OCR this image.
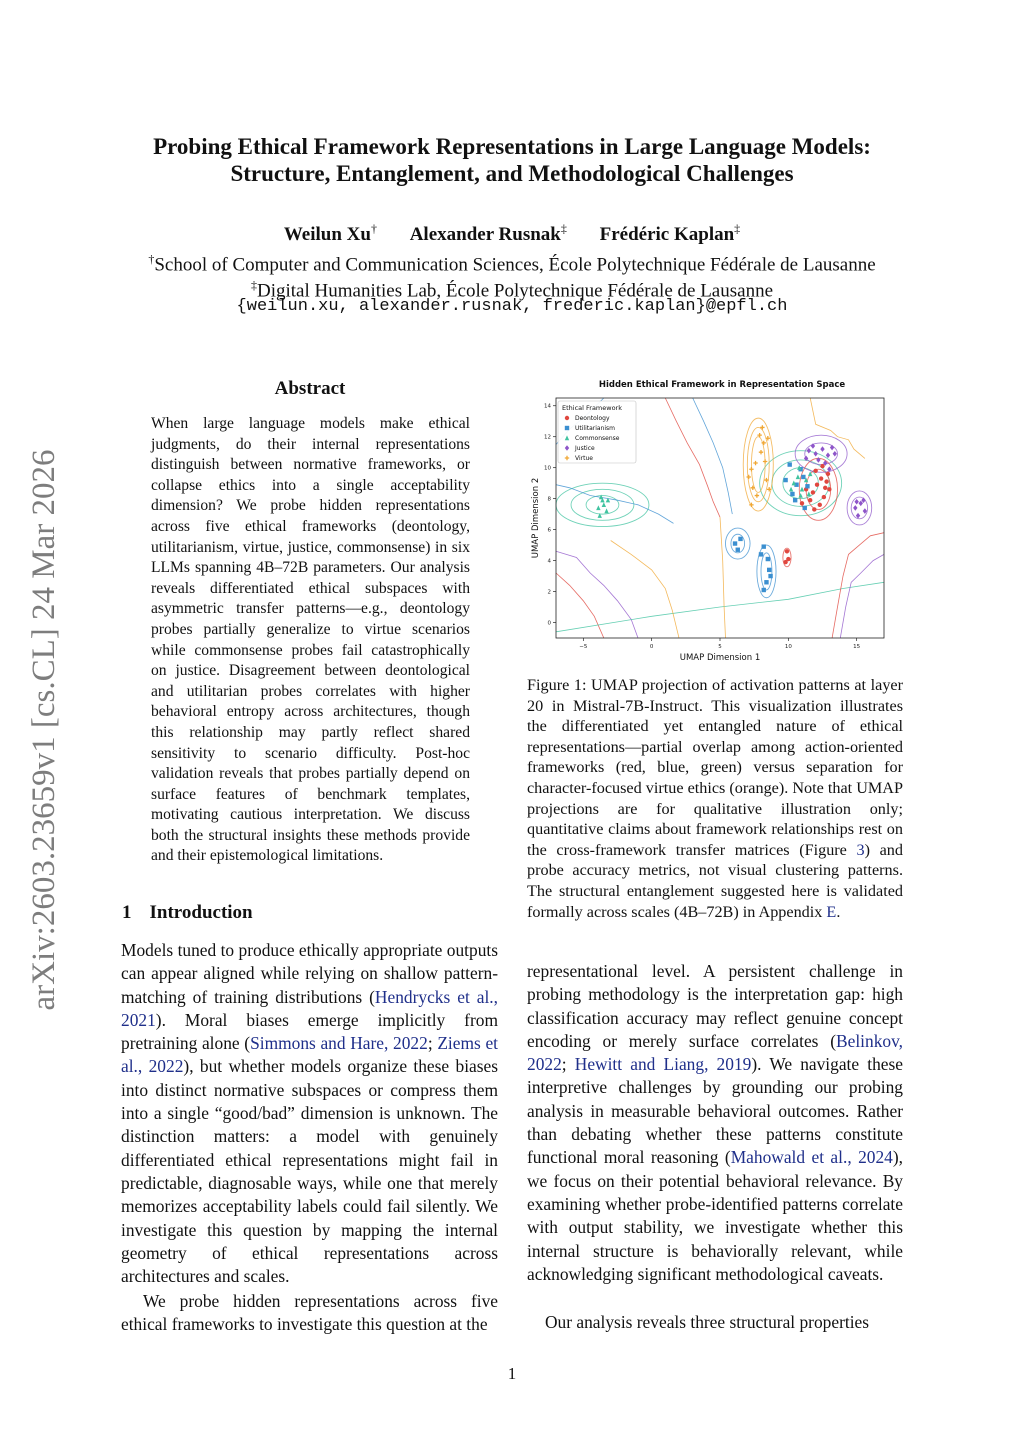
Probing Ethical Framework Representations in Large Language Models:
Structure, Entanglement, and Methodological Challenges
Weilun Xu† Alexander Rusnak‡ Frédéric Kaplan‡
†School of Computer and Communication Sciences, École Polytechnique Fédérale de Lausanne
‡Digital Humanities Lab, École Polytechnique Fédérale de Lausanne
{weilun.xu, alexander.rusnak, frederic.kaplan}@epfl.ch
arXiv:2603.23659v1 [cs.CL] 24 Mar 2026
Abstract
When large language models make ethical judgments, do their internal representations distinguish between normative frameworks, or collapse ethics into a single acceptability dimension? We probe hidden representations across five ethical frameworks (deontology, utilitarianism, virtue, justice, commonsense) in six LLMs spanning 4B–72B parameters. Our analysis reveals differentiated ethical subspaces with asymmetric transfer patterns—e.g., deontology probes partially generalize to virtue scenarios while commonsense probes fail catastrophically on justice. Disagreement between deontological and utilitarian probes correlates with higher behavioral entropy across architectures, though this relationship may partly reflect shared sensitivity to scenario difficulty. Post-hoc validation reveals that probes partially depend on surface features of benchmark templates, motivating cautious interpretation. We discuss both the structural insights these methods provide and their epistemological limitations.
1 Introduction
Models tuned to produce ethically appropriate outputs can appear aligned while relying on shallow pattern-matching of training distributions (Hendrycks et al., 2021). Moral biases emerge implicitly from pretraining alone (Simmons and Hare, 2022; Ziems et al., 2022), but whether models organize these biases into distinct normative subspaces or compress them into a single “good/bad” dimension is unknown. The distinction matters: a model with genuinely differentiated ethical representations might fail in predictable, diagnosable ways, while one that merely memorizes acceptability labels could fail silently. We investigate this question by mapping the internal geometry of ethical representations across architectures and scales.
We probe hidden representations across five ethical frameworks to investigate this question at the
representational level. A persistent challenge in probing methodology is the interpretation gap: high classification accuracy may reflect genuine concept encoding or merely surface correlates (Belinkov, 2022; Hewitt and Liang, 2019). We navigate these interpretive challenges by grounding our probing analysis in measurable behavioral outcomes. Rather than debating whether these patterns constitute functional moral reasoning (Mahowald et al., 2024), we focus on their potential behavioral relevance. By examining whether probe-identified patterns correlate with output stability, we investigate whether this internal structure is behaviorally relevant, while acknowledging significant methodological caveats.
Our analysis reveals three structural properties
Hidden Ethical Framework in Representation Space
−5	0	5	10	15
0
2
4
6
8
10
12
14
UMAP Dimension 1
UMAP Dimension 2
Ethical Framework
Deontology
Utilitarianism
Commonsense
Justice
Virtue
Figure 1: UMAP projection of activation patterns at layer 20 in Mistral-7B-Instruct. This visualization illustrates the differentiated yet entangled nature of ethical representations—partial overlap among action-oriented frameworks (red, blue, green) versus separation for character-focused virtue ethics (orange). Note that UMAP projections are for qualitative illustration only; quantitative claims about framework relationships rest on the cross-framework transfer matrices (Figure 3) and probe accuracy metrics, not visual clustering patterns. The structural entanglement suggested here is validated formally across scales (4B–72B) in Appendix E.
1
